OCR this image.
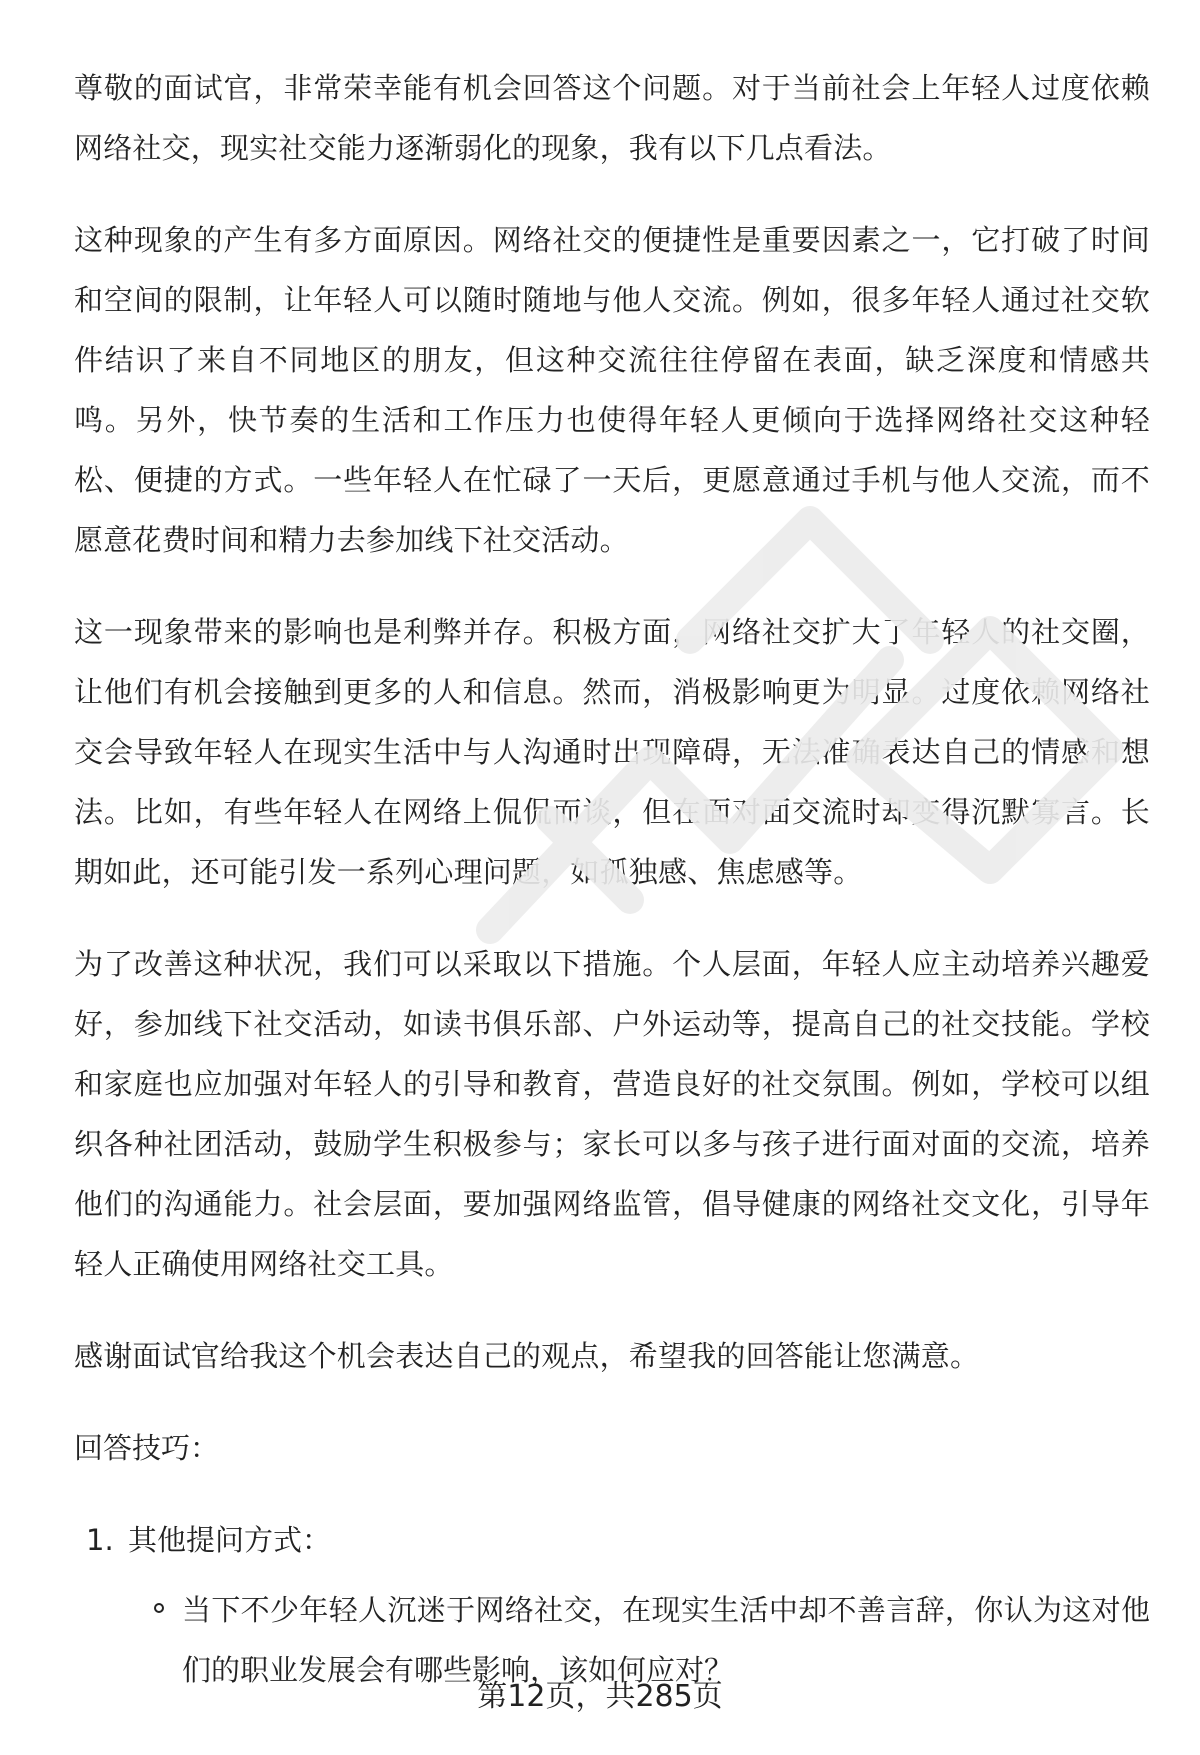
尊敬的面试官，非常荣幸能有机会回答这个问题。对于当前社会上年轻人过度依赖网络社交，现实社交能力逐渐弱化的现象，我有以下几点看法。

这种现象的产生有多方面原因。网络社交的便捷性是重要因素之一，它打破了时间和空间的限制，让年轻人可以随时随地与他人交流。例如，很多年轻人通过社交软件结识了来自不同地区的朋友，但这种交流往往停留在表面，缺乏深度和情感共鸣。另外，快节奏的生活和工作压力也使得年轻人更倾向于选择网络社交这种轻松、便捷的方式。一些年轻人在忙碌了一天后，更愿意通过手机与他人交流，而不愿意花费时间和精力去参加线下社交活动。

这一现象带来的影响也是利弊并存。积极方面，网络社交扩大了年轻人的社交圈，让他们有机会接触到更多的人和信息。然而，消极影响更为明显。过度依赖网络社交会导致年轻人在现实生活中与人沟通时出现障碍，无法准确表达自己的情感和想法。比如，有些年轻人在网络上侃侃而谈，但在面对面交流时却变得沉默寡言。长期如此，还可能引发一系列心理问题，如孤独感、焦虑感等。

为了改善这种状况，我们可以采取以下措施。个人层面，年轻人应主动培养兴趣爱好，参加线下社交活动，如读书俱乐部、户外运动等，提高自己的社交技能。学校和家庭也应加强对年轻人的引导和教育，营造良好的社交氛围。例如，学校可以组织各种社团活动，鼓励学生积极参与；家长可以多与孩子进行面对面的交流，培养他们的沟通能力。社会层面，要加强网络监管，倡导健康的网络社交文化，引导年轻人正确使用网络社交工具。

感谢面试官给我这个机会表达自己的观点，希望我的回答能让您满意。

回答技巧：
1. 其他提问方式：
当下不少年轻人沉迷于网络社交，在现实生活中却不善言辞，你认为这对他们的职业发展会有哪些影响，该如何应对？
第12页，共285页
